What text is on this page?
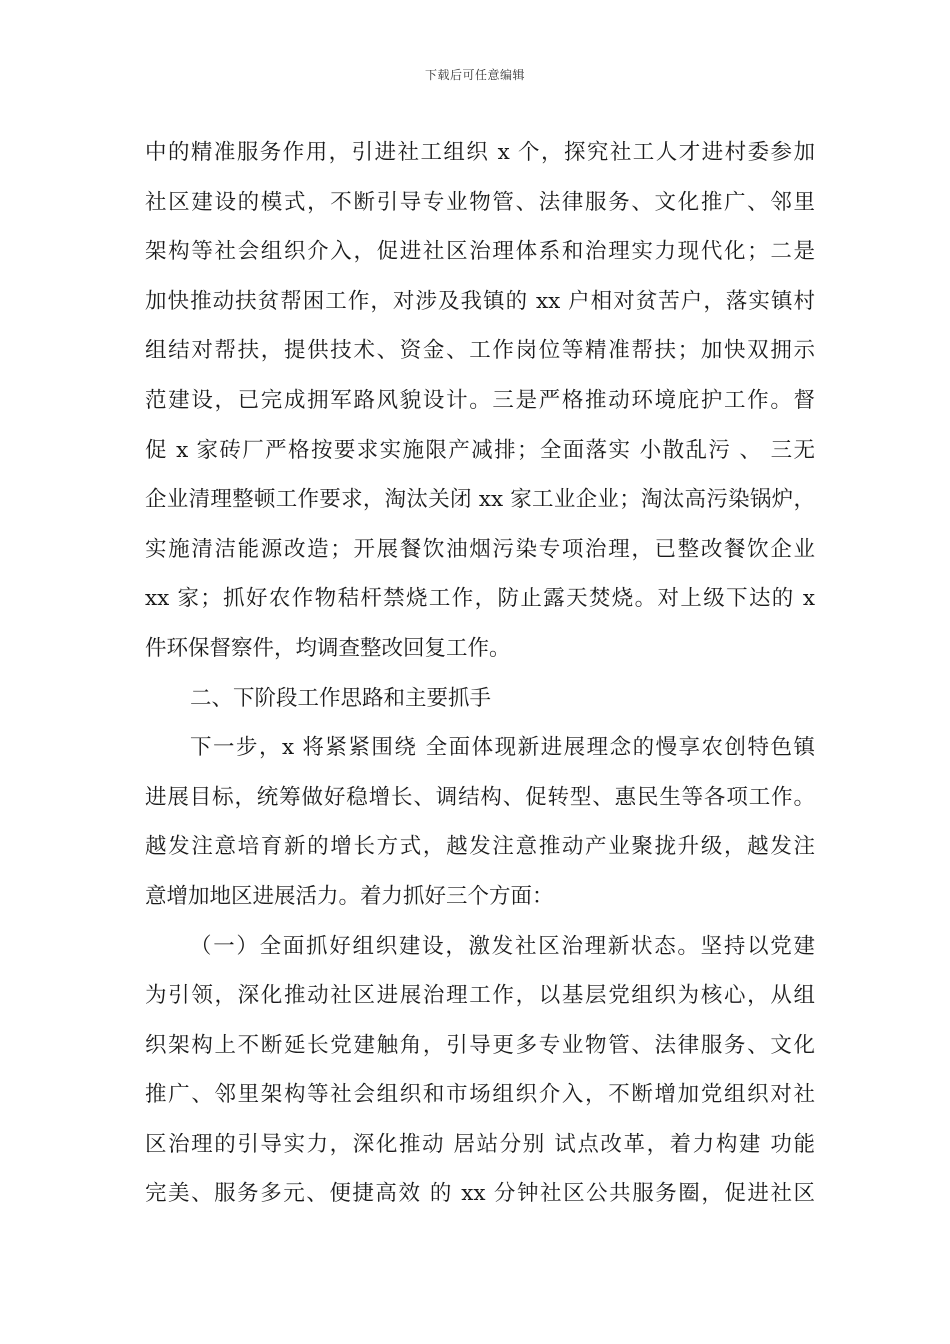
下载后可任意编辑
中的精准服务作用，引进社工组织 x 个，探究社工人才进村委参加
社区建设的模式，不断引导专业物管、法律服务、文化推广、邻里
架构等社会组织介入，促进社区治理体系和治理实力现代化；二是
加快推动扶贫帮困工作，对涉及我镇的 xx 户相对贫苦户，落实镇村
组结对帮扶，提供技术、资金、工作岗位等精准帮扶；加快双拥示
范建设，已完成拥军路风貌设计。三是严格推动环境庇护工作。督
促 x 家砖厂严格按要求实施限产减排；全面落实 小散乱污 、 三无
企业清理整顿工作要求，淘汰关闭 xx 家工业企业；淘汰高污染锅炉，
实施清洁能源改造；开展餐饮油烟污染专项治理，已整改餐饮企业
xx 家；抓好农作物秸杆禁烧工作，防止露天焚烧。对上级下达的 x
件环保督察件，均调查整改回复工作。
二、下阶段工作思路和主要抓手
下一步，x 将紧紧围绕 全面体现新进展理念的慢享农创特色镇
进展目标，统筹做好稳增长、调结构、促转型、惠民生等各项工作。
越发注意培育新的增长方式，越发注意推动产业聚拢升级，越发注
意增加地区进展活力。着力抓好三个方面：
（一）全面抓好组织建设，激发社区治理新状态。坚持以党建
为引领，深化推动社区进展治理工作，以基层党组织为核心，从组
织架构上不断延长党建触角，引导更多专业物管、法律服务、文化
推广、邻里架构等社会组织和市场组织介入，不断增加党组织对社
区治理的引导实力，深化推动 居站分别 试点改革，着力构建 功能
完美、服务多元、便捷高效 的 xx 分钟社区公共服务圈，促进社区
